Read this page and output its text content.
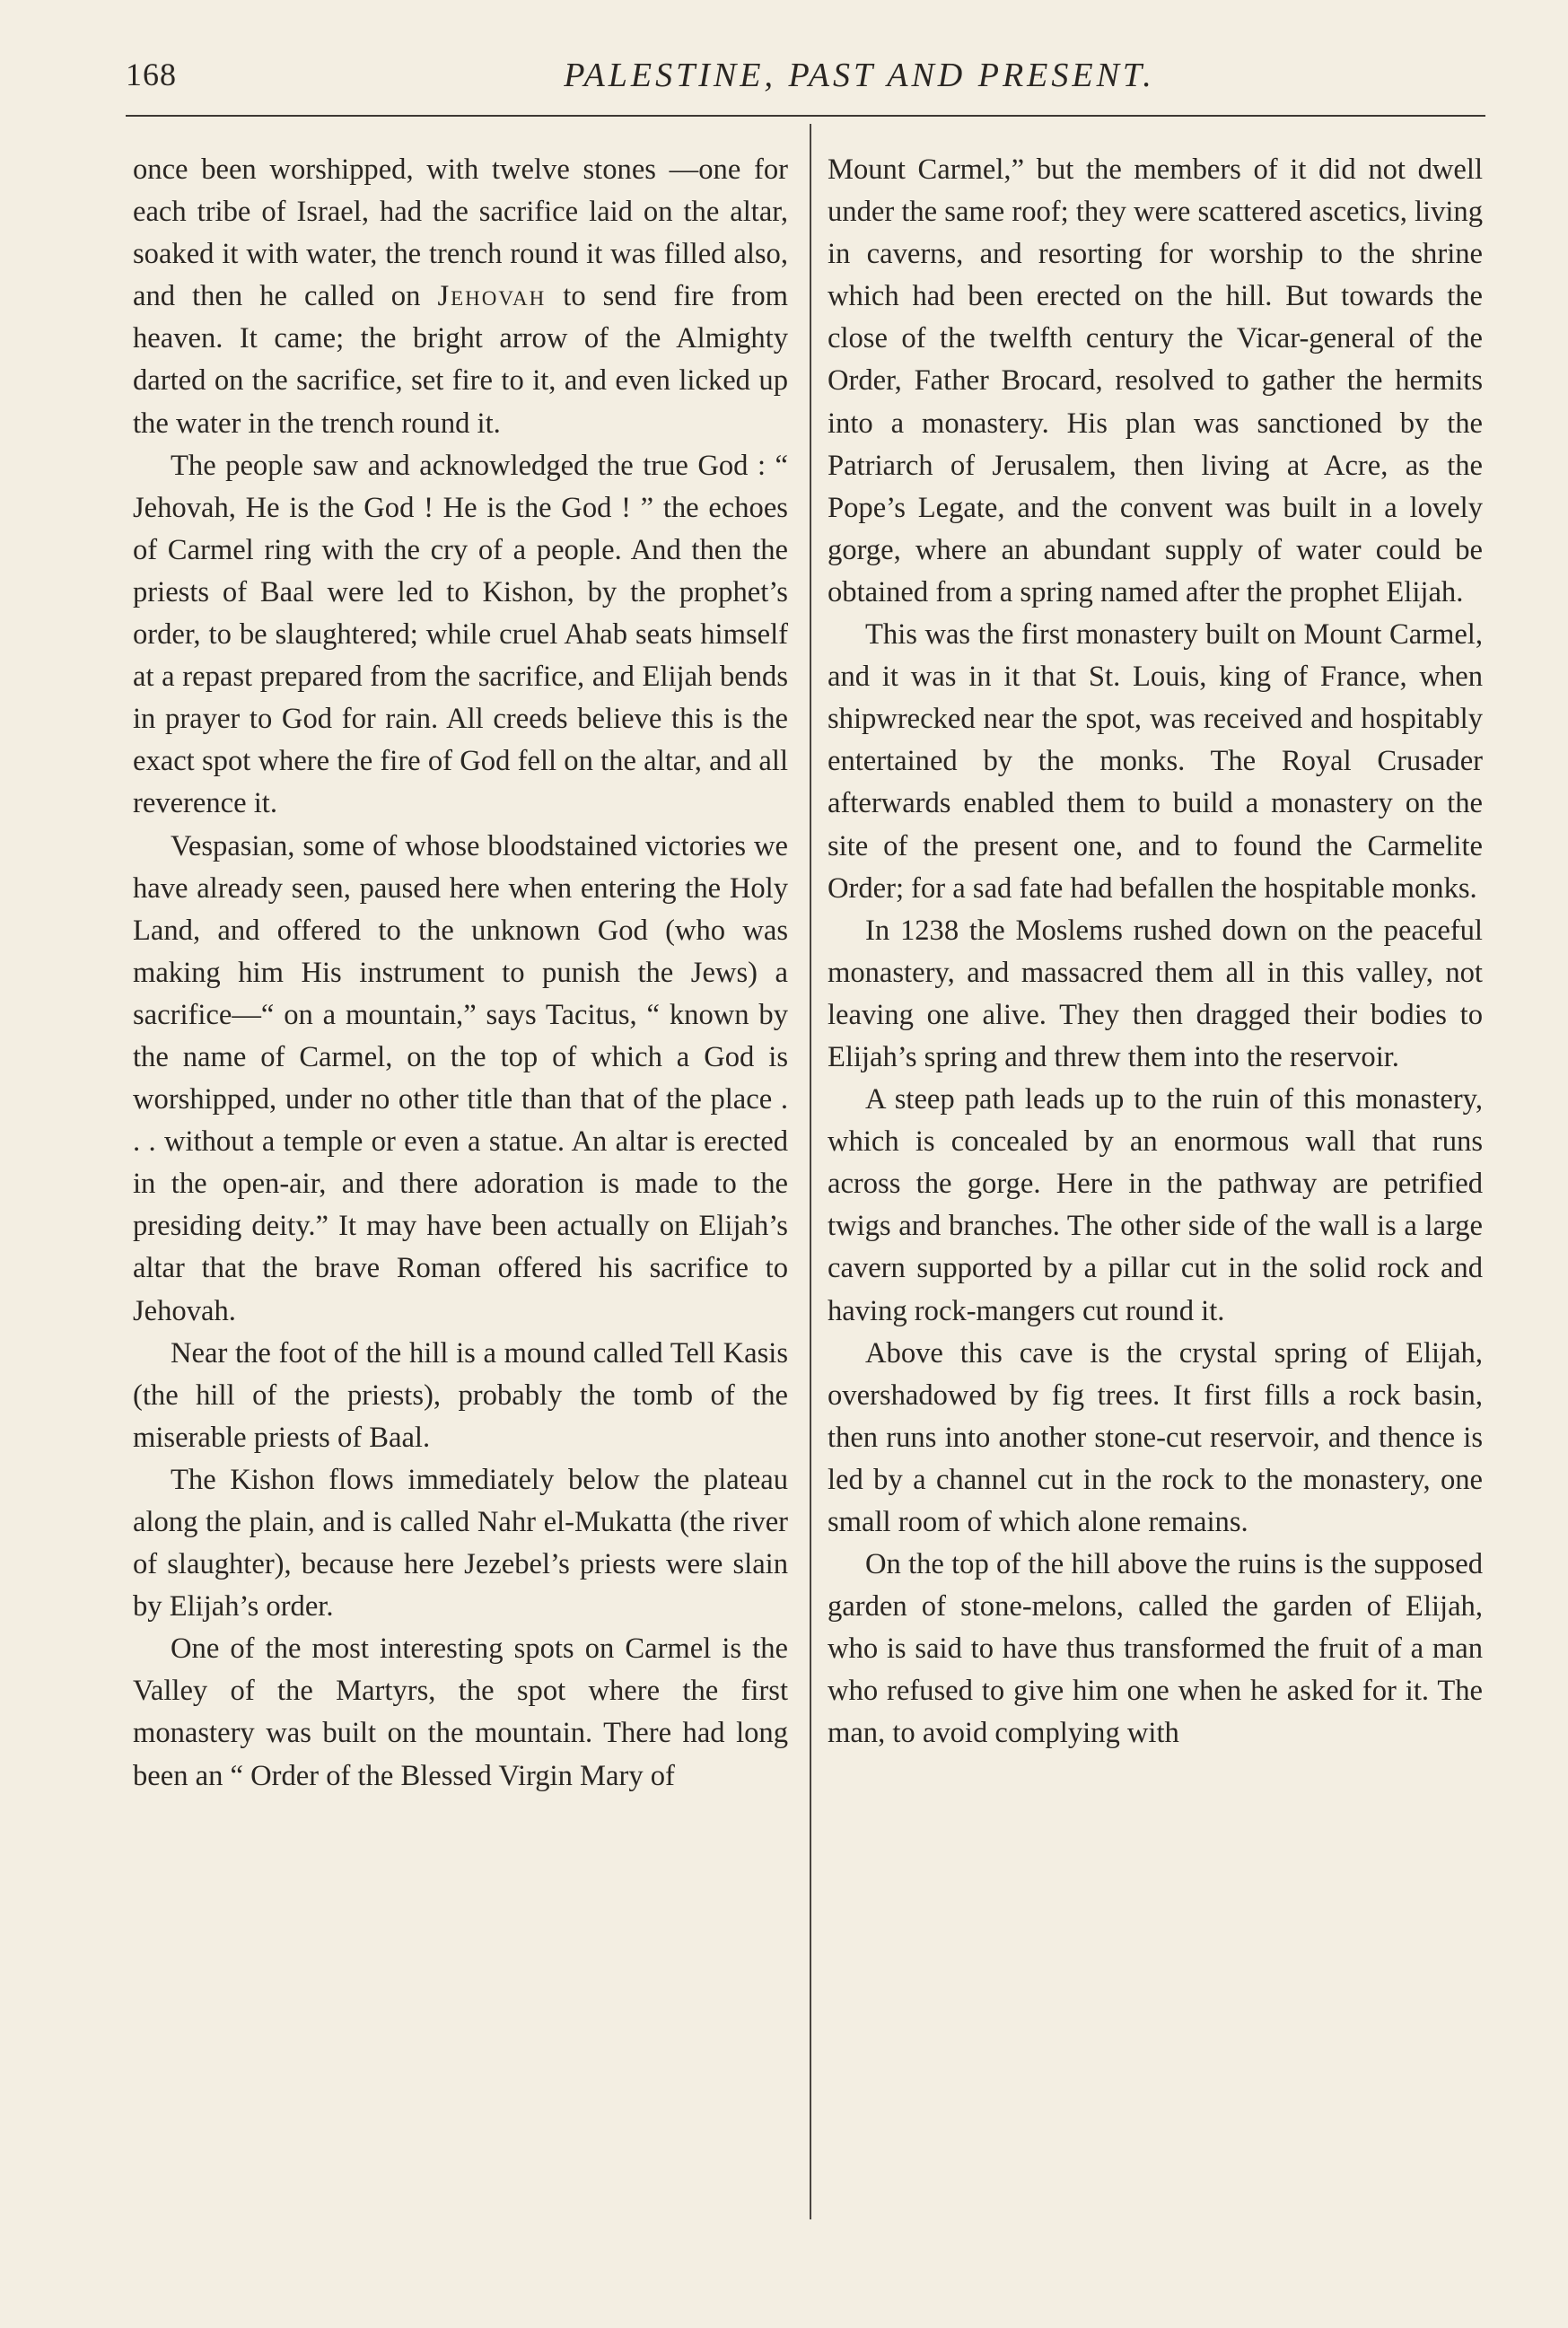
168	PALESTINE, PAST AND PRESENT.

once been worshipped, with twelve stones —one for each tribe of Israel, had the sacrifice laid on the altar, soaked it with water, the trench round it was filled also, and then he called on Jehovah to send fire from heaven. It came; the bright arrow of the Almighty darted on the sacrifice, set fire to it, and even licked up the water in the trench round it.

The people saw and acknowledged the true God : “ Jehovah, He is the God ! He is the God ! ” the echoes of Carmel ring with the cry of a people. And then the priests of Baal were led to Kishon, by the prophet’s order, to be slaughtered; while cruel Ahab seats himself at a repast prepared from the sacrifice, and Elijah bends in prayer to God for rain. All creeds believe this is the exact spot where the fire of God fell on the altar, and all reverence it.

Vespasian, some of whose bloodstained victories we have already seen, paused here when entering the Holy Land, and offered to the unknown God (who was making him His instrument to punish the Jews) a sacrifice—“ on a mountain,” says Tacitus, “ known by the name of Carmel, on the top of which a God is worshipped, under no other title than that of the place . . . without a temple or even a statue. An altar is erected in the open-air, and there adoration is made to the presiding deity.” It may have been actually on Elijah’s altar that the brave Roman offered his sacrifice to Jehovah.

Near the foot of the hill is a mound called Tell Kasis (the hill of the priests), probably the tomb of the miserable priests of Baal.

The Kishon flows immediately below the plateau along the plain, and is called Nahr el-Mukatta (the river of slaughter), because here Jezebel’s priests were slain by Elijah’s order.

One of the most interesting spots on Carmel is the Valley of the Martyrs, the spot where the first monastery was built on the mountain. There had long been an “ Order of the Blessed Virgin Mary of

Mount Carmel,” but the members of it did not dwell under the same roof; they were scattered ascetics, living in caverns, and resorting for worship to the shrine which had been erected on the hill. But towards the close of the twelfth century the Vicar-general of the Order, Father Brocard, resolved to gather the hermits into a monastery. His plan was sanctioned by the Patriarch of Jerusalem, then living at Acre, as the Pope’s Legate, and the convent was built in a lovely gorge, where an abundant supply of water could be obtained from a spring named after the prophet Elijah.

This was the first monastery built on Mount Carmel, and it was in it that St. Louis, king of France, when shipwrecked near the spot, was received and hospitably entertained by the monks. The Royal Crusader afterwards enabled them to build a monastery on the site of the present one, and to found the Carmelite Order; for a sad fate had befallen the hospitable monks.

In 1238 the Moslems rushed down on the peaceful monastery, and massacred them all in this valley, not leaving one alive. They then dragged their bodies to Elijah’s spring and threw them into the reservoir.

A steep path leads up to the ruin of this monastery, which is concealed by an enormous wall that runs across the gorge. Here in the pathway are petrified twigs and branches. The other side of the wall is a large cavern supported by a pillar cut in the solid rock and having rock-mangers cut round it.

Above this cave is the crystal spring of Elijah, overshadowed by fig trees. It first fills a rock basin, then runs into another stone-cut reservoir, and thence is led by a channel cut in the rock to the monastery, one small room of which alone remains.

On the top of the hill above the ruins is the supposed garden of stone-melons, called the garden of Elijah, who is said to have thus transformed the fruit of a man who refused to give him one when he asked for it. The man, to avoid complying with
